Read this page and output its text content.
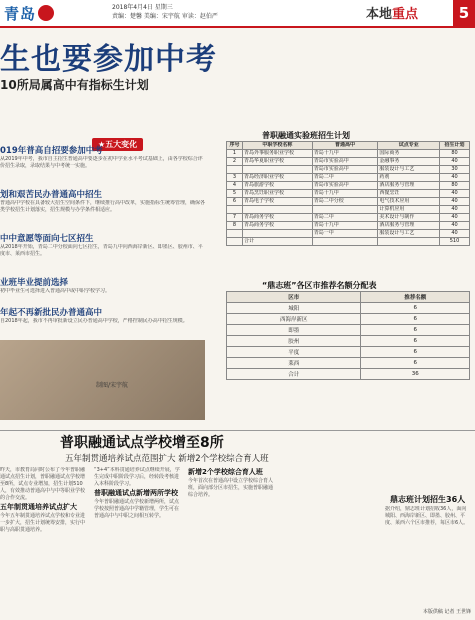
青岛	2018年4月4日 星期三
责编：楚馨 美编：宋宇航 审读：赵伯严	本地重点	5
生也要参加中考
10所局属高中有指标生计划
★五大变化
019年普高自招要参加中考
从2019年中考，我市自主招生普通高中要逐步在初中学业水平考试基础上，由各学校综合评价招生录取，录取结果与中考统一实施。
划和艰苦民办普通高中招生
普通高中学校在具备较大招生空间条件下，继续推行高中改革，实施指标生统筹管理，确保各类学校招生计划落实，招生规模与办学条件相适应。
中中意愿等面向七区招生
从2018年开始，青岛二中分校面向七区招生，青岛九中向西海岸新区、即墨区、胶州市、平度市、莱西市招生。
业班毕业提前选择
初中毕业生可选择进入普通高中或中职学校学习。
年起不再新批民办普通高中
自2018年起，我市不再审批新设立民办普通高中学校，严格控制民办高中招生规模。
制图/宋宇航
普职融通实验班招生计划
序号	中职学校名称	普通高中	试点专业	招生计划
1	青岛外事服务职业学校	青岛十九中	国际商务	80
2	青岛华夏职业学校	青岛市实验高中	金融事务	40
		青岛市实验高中	服装设计与工艺	30
3	青岛经济职业学校	青岛二中	药剂	40
4	青岛旅游学校	青岛市实验高中	酒店服务与管理	80
5	青岛烹饪职业学校	青岛十九中	西餐烹饪	40
6	青岛电子学校	青岛二中分校	电气技术应用	40
			计算机应用	40
7	青岛商务学校	青岛二中	美术设计与制作	40
8	青岛商务学校	青岛十九中	酒店服务与管理	40
		青岛一中	服装设计与工艺	40
	合计			510
“鼎志班”各区市推荐名额分配表
区市	推荐名额
城阳	6
西海岸新区	6
即墨	6
胶州	6
平度	6
莱西	6
合计	36
普职融通试点学校增至8所
五年制贯通培养试点范围扩大 新增2个学校综合育人班
昨天，市教育局同时公布了今年普职融通试点招生计划，普职融通试点学校增至8所，试点专业增加，招生计划510人，有效推动普通高中与中等职业学校的合作交流。
五年制贯通培养试点扩大
今年五年制贯通培养试点学校和专业进一步扩大，招生计划统筹安排，实行中职与高职贯通培养。
“3+4”本科贯通培养试点继续开展，学生完成中职阶段学习后，经转段考核进入本科阶段学习。
普职融通试点新增两所学校
今年普职融通试点学校新增两所，试点学校按照普通高中学籍管理，学生可在普通高中与中职之间相互转学。
新增2个学校综合育人班
今年首次在普通高中设立学校综合育人班，面向部分区市招生，实施普职融通综合培养。
据介绍，鼎志班计划招收36人，面向城阳、西海岸新区、即墨、胶州、平度、莱西六个区市推荐，每区市6人。
鼎志班计划招生36人
本版供稿 记者 王世锋
